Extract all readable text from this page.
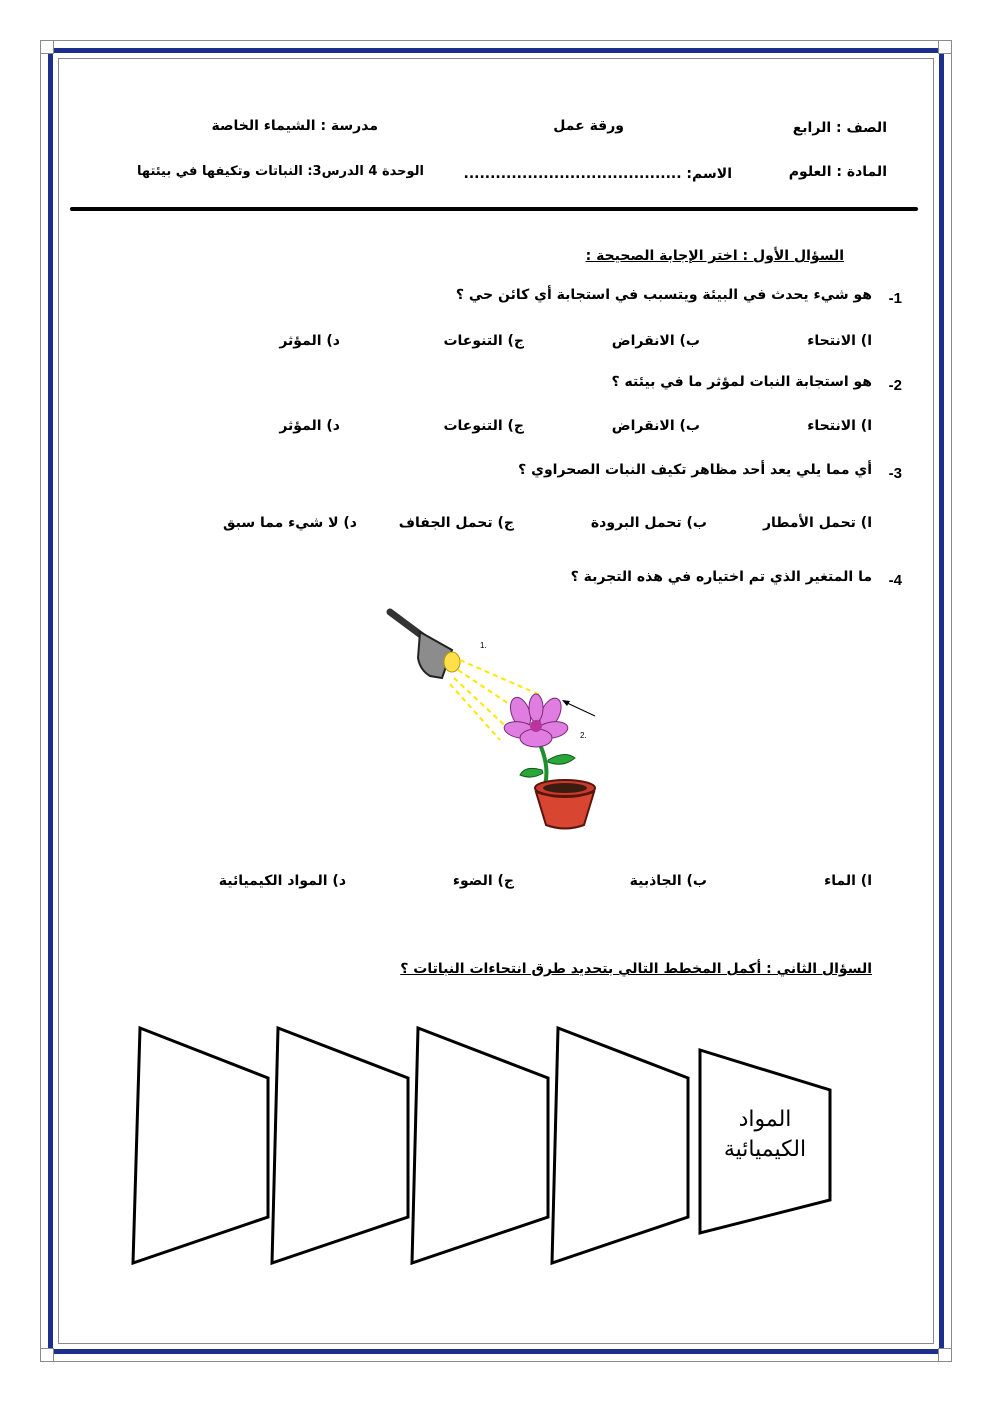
الصف : الرابع
ورقة عمل
مدرسة : الشيماء الخاصة
المادة : العلوم
الاسم: .........................................
الوحدة 4 الدرس3: النباتات وتكيفها في بيئتها
السؤال الأول : اختر الإجابة الصحيحة :
-1
هو شيء يحدث في البيئة ويتسبب في استجابة أي كائن حي ؟
ا) الانتحاء
ب) الانقراض
ج) التنوعات
د) المؤثر
-2
هو استجابة النبات لمؤثر ما في بيئته ؟
ا) الانتحاء
ب) الانقراض
ج) التنوعات
د) المؤثر
-3
أي مما يلي يعد أحد مظاهر تكيف النبات الصحراوي ؟
ا) تحمل الأمطار
ب) تحمل البرودة
ج) تحمل الجفاف
د) لا شيء مما سبق
-4
ما المتغير الذي تم اختياره في هذه التجربة ؟
1.
2.
ا) الماء
ب) الجاذبية
ج) الضوء
د) المواد الكيميائية
السؤال الثاني : أكمل المخطط التالي بتحديد طرق انتحاءات النباتات ؟
المواد
الكيميائية
